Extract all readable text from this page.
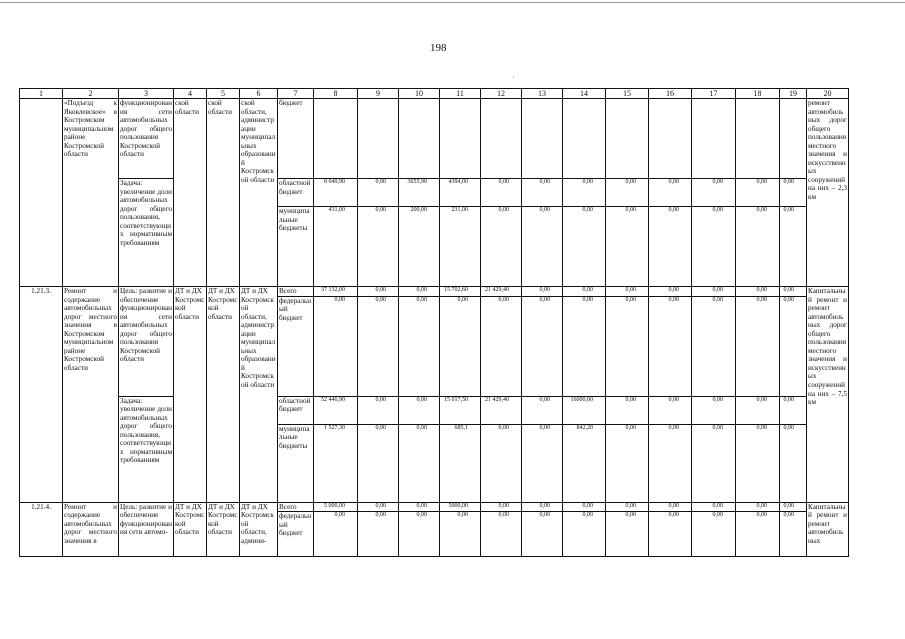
198
·
1	2	3	4	5	6	7	8	9	10	11	12	13	14	15	16	17	18	19	20
	«Подъезд к Яковлевское» в Костромском муниципальном районе Костромской области	функционирования сети автомобильных дорог общего пользования Костромской области	ской области	ской области	ской области, администрации муниципальных образований Костромской области	бюджет													ремонт автомобильных дорог общего пользования местного значения и искусственных сооружений на них – 2,3 км
		Задача: увеличение доли автомобильных дорог общего пользования, соответствующих нормативным требованиям				областной бюджет	8 049,90	0,00	3655,90	4394,00	0,00	0,00	0,00	0,00	0,00	0,00	0,00	0,00	
						муниципальные бюджеты	431,00	0,00	200,00	231,00	0,00	0,00	0,00	0,00	0,00	0,00	0,00	0,00	
1.21.3.	Ремонт и содержание автомобильных дорог местного значения в Костромском муниципальном районе Костромской области	Цель: развитие и обеспечение функционирования сети автомобильных дорог общего пользования Костромской области	ДТ и ДХ Костромской области	ДТ и ДХ Костромской области	ДТ и ДХ Костромской области, администрации муниципальных образований Костромской области	Всего	37 132,00	0,00	0,00	15 702,60	21 429,40	0,00	0,00	0,00	0,00	0,00	0,00	0,00	Капитальный ремонт и ремонт автомобильных дорог общего пользования местного значения и искусственных сооружений на них – 7,5 км
						федеральный бюджет	0,00	0,00	0,00	0,00	0,00	0,00	0,00	0,00	0,00	0,00	0,00	0,00	
		Задача: увеличение доли автомобильных дорог общего пользования, соответствующих нормативным требованиям				областной бюджет	52 446,90	0,00	0,00	15 017,50	21 429,40	0,00	16000,00	0,00	0,00	0,00	0,00	0,00	
						муниципальные бюджеты	1 527,30	0,00	0,00	685,1	0,00	0,00	842,20	0,00	0,00	0,00	0,00	0,00	
1.21.4.	Ремонт и содержание автомобильных дорог местного значения в	Цель: развитие и обеспечение функционирования сети автомо-	ДТ и ДХ Костромской области	ДТ и ДХ Костромской области	ДТ и ДХ Костромской области, админи-	Всего	5 000,00	0,00	0,00	5000,00	0,00	0,00	0,00	0,00	0,00	0,00	0,00	0,00	Капитальный ремонт и ремонт автомобильных
						федеральный бюджет	0,00	0,00	0,00	0,00	0,00	0,00	0,00	0,00	0,00	0,00	0,00	0,00	
